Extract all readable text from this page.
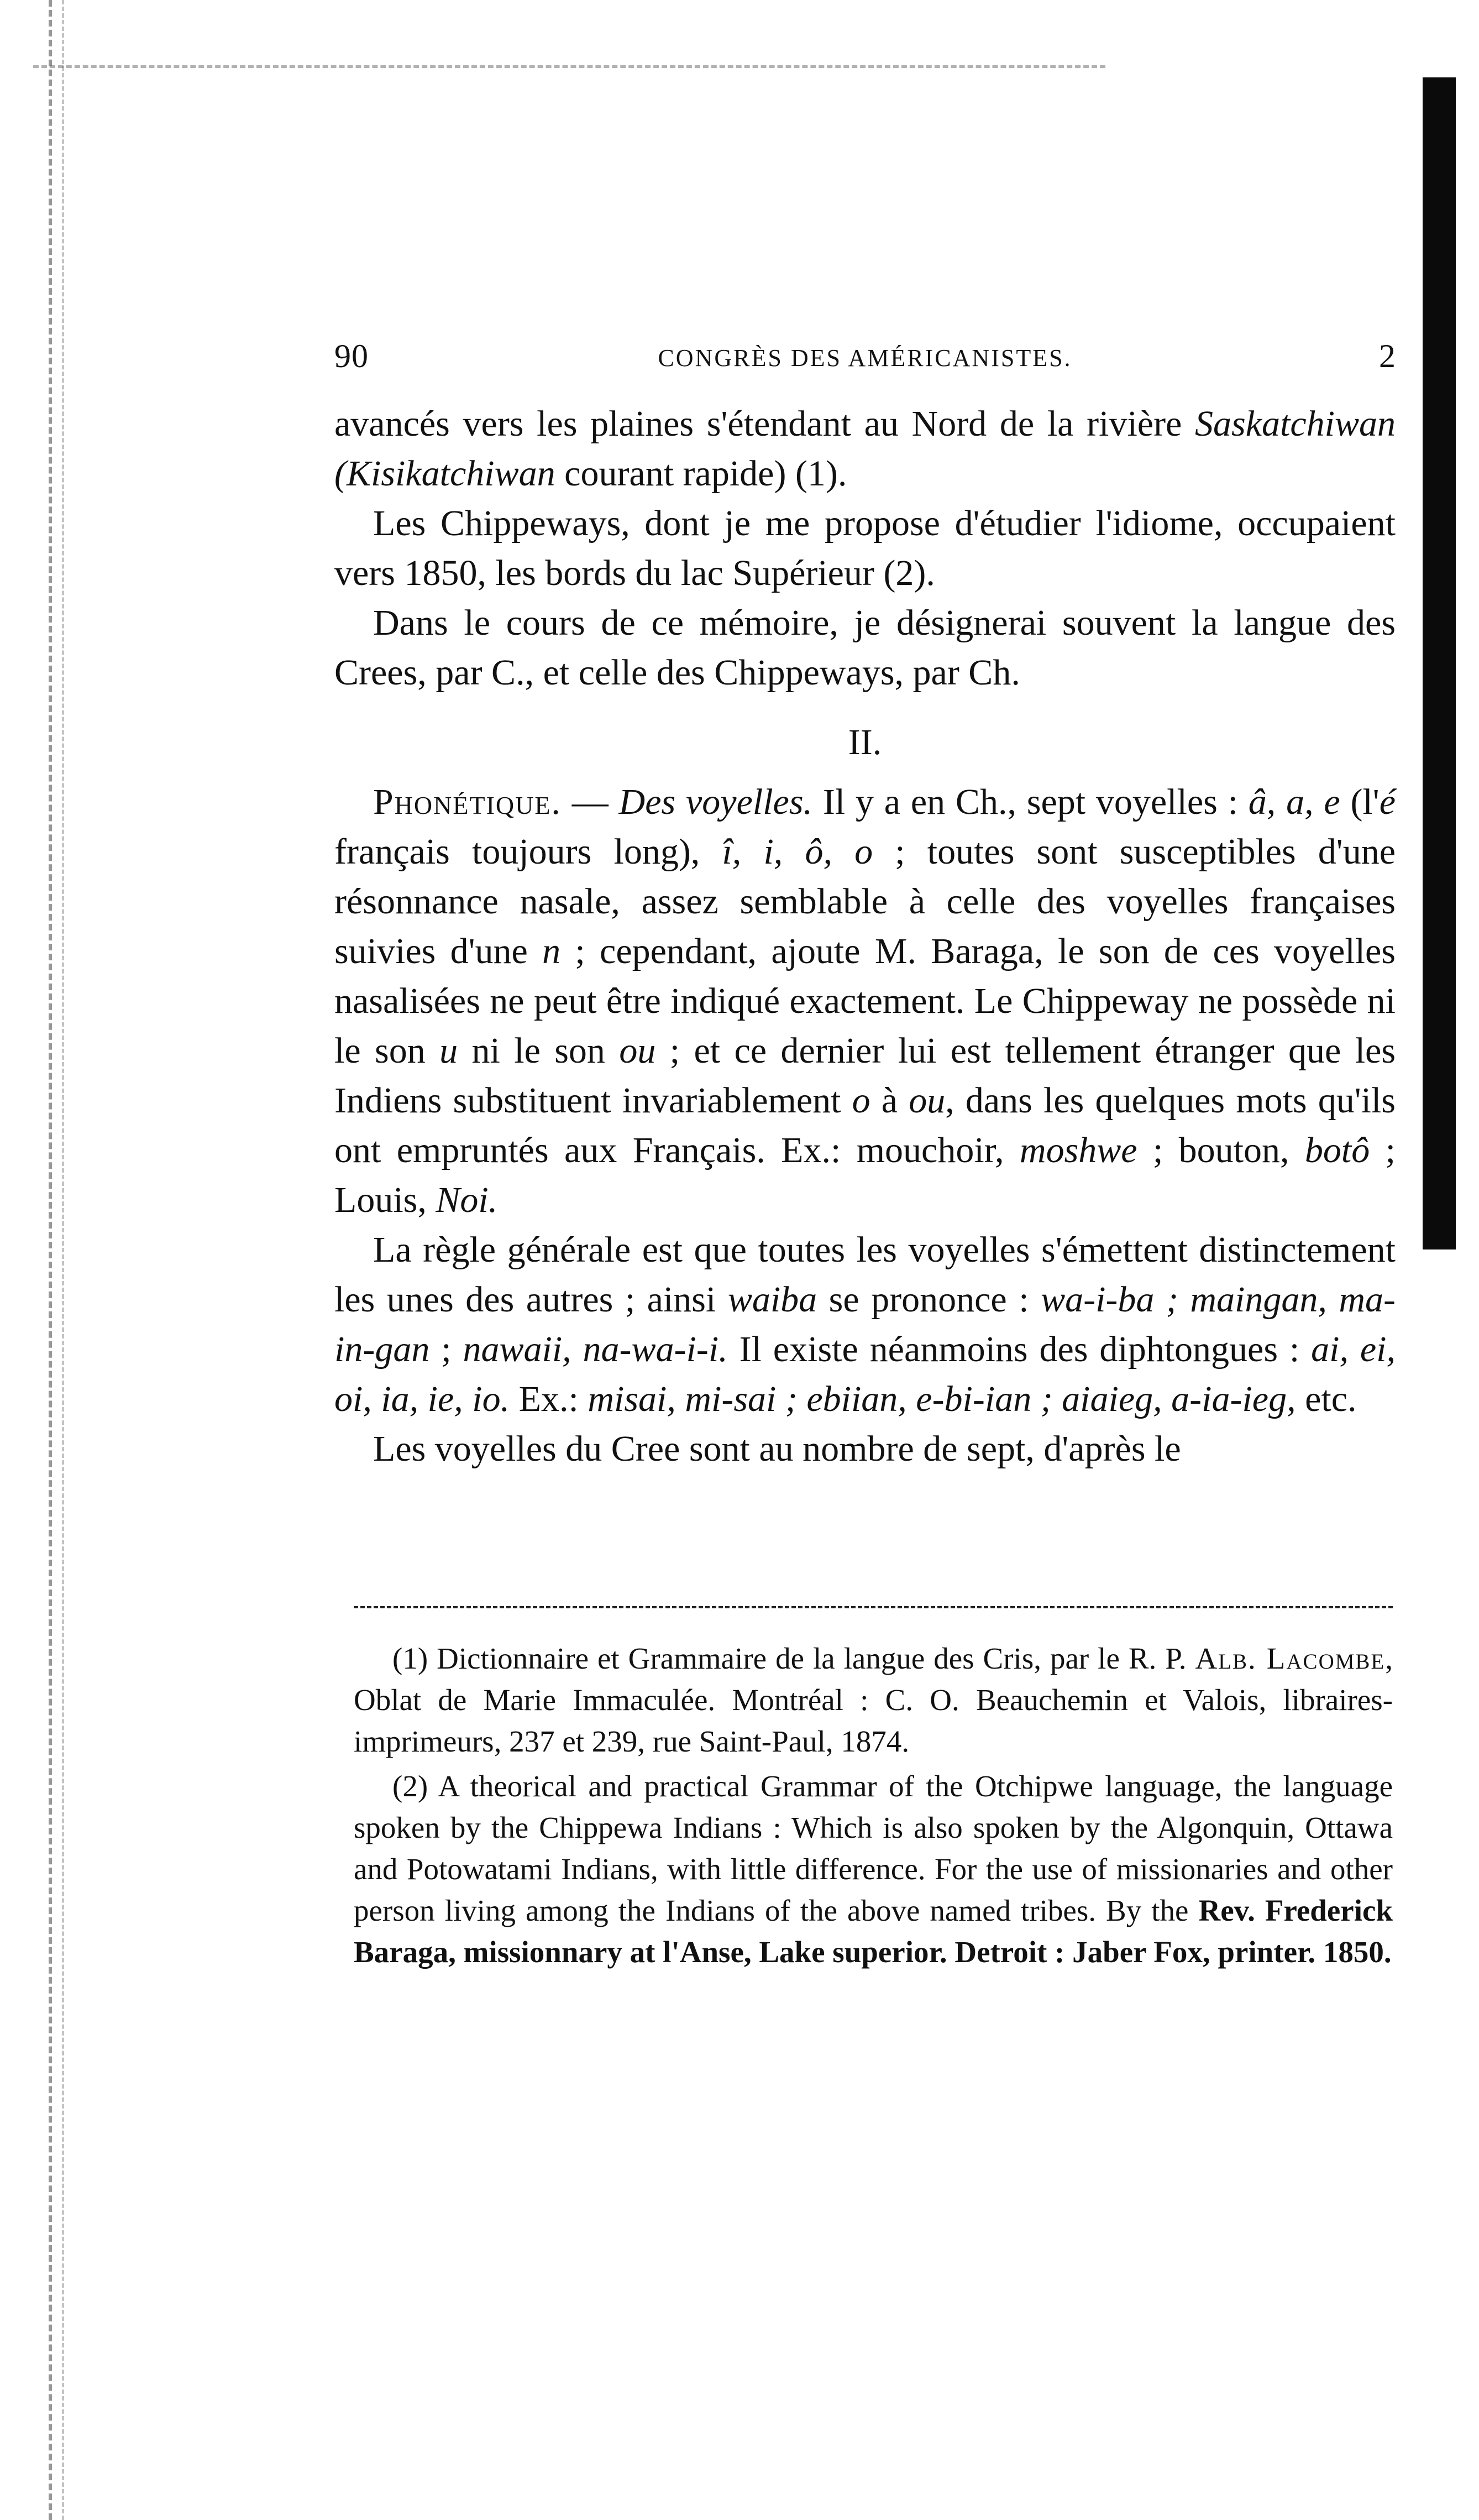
90	CONGRÈS DES AMÉRICANISTES.	2

avancés vers les plaines s'étendant au Nord de la rivière Saskatchiwan (Kisikatchiwan courant rapide) (1).

Les Chippeways, dont je me propose d'étudier l'idiome, occupaient vers 1850, les bords du lac Supérieur (2).

Dans le cours de ce mémoire, je désignerai souvent la langue des Crees, par C., et celle des Chippeways, par Ch.

II.

Phonétique. — Des voyelles. Il y a en Ch., sept voyelles : â, a, e (l'é français toujours long), î, i, ô, o ; toutes sont susceptibles d'une résonnance nasale, assez semblable à celle des voyelles françaises suivies d'une n ; cependant, ajoute M. Baraga, le son de ces voyelles nasalisées ne peut être indiqué exactement. Le Chippeway ne possède ni le son u ni le son ou ; et ce dernier lui est tellement étranger que les Indiens substituent invariablement o à ou, dans les quelques mots qu'ils ont empruntés aux Français. Ex.: mouchoir, moshwe ; bouton, botô ; Louis, Noi.

La règle générale est que toutes les voyelles s'émettent distinctement les unes des autres ; ainsi waiba se prononce : wa-i-ba ; maingan, ma-in-gan ; nawaii, na-wa-i-i. Il existe néanmoins des diphtongues : ai, ei, oi, ia, ie, io. Ex.: misai, mi-sai ; ebiian, e-bi-ian ; aiaieg, a-ia-ieg, etc.

Les voyelles du Cree sont au nombre de sept, d'après le

(1) Dictionnaire et Grammaire de la langue des Cris, par le R. P. Alb. Lacombe, Oblat de Marie Immaculée. Montréal : C. O. Beauchemin et Valois, libraires-imprimeurs, 237 et 239, rue Saint-Paul, 1874.

(2) A theorical and practical Grammar of the Otchipwe language, the language spoken by the Chippewa Indians : Which is also spoken by the Algonquin, Ottawa and Potowatami Indians, with little difference. For the use of missionaries and other person living among the Indians of the above named tribes. By the Rev. Frederick Baraga, missionnary at l'Anse, Lake superior. Detroit : Jaber Fox, printer. 1850.
